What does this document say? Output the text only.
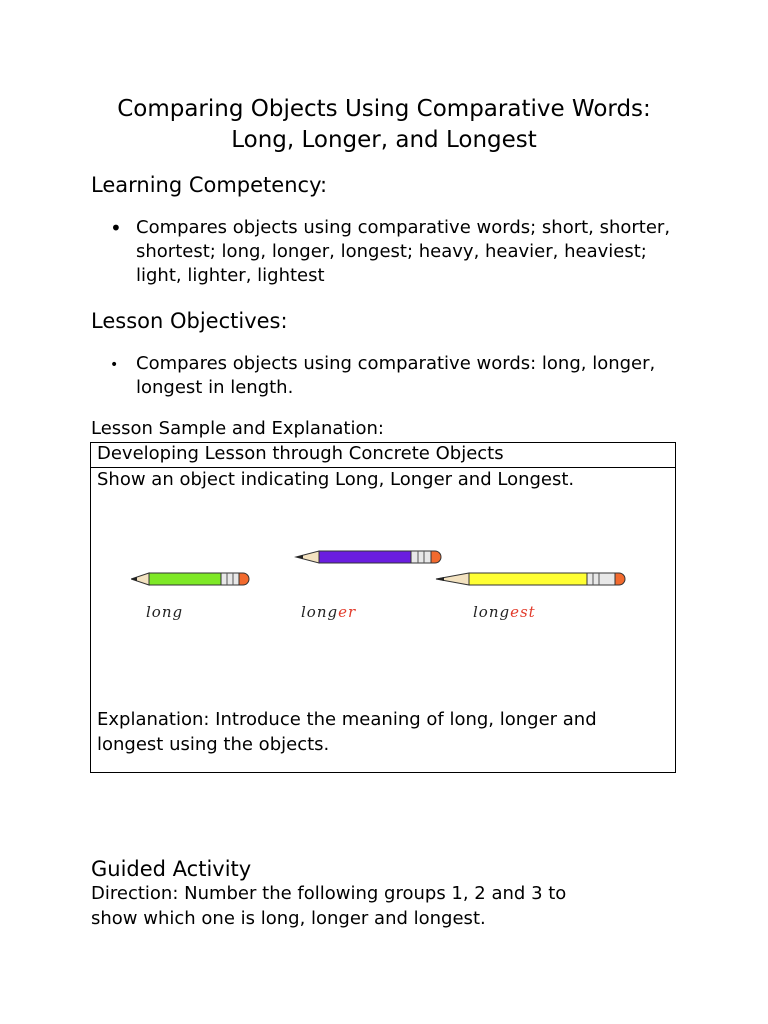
Comparing Objects Using Comparative Words:
Long, Longer, and Longest
Learning Competency:
• Compares objects using comparative words; short, shorter, shortest; long, longer, longest; heavy, heavier, heaviest; light, lighter, lightest
Lesson Objectives:
• Compares objects using comparative words: long, longer, longest in length.
Lesson Sample and Explanation:
Developing Lesson through Concrete Objects
Show an object indicating Long, Longer and Longest.
long	longer	longest
Explanation: Introduce the meaning of long, longer and
longest using the objects.
Guided Activity
Direction: Number the following groups 1, 2 and 3 to
show which one is long, longer and longest.
